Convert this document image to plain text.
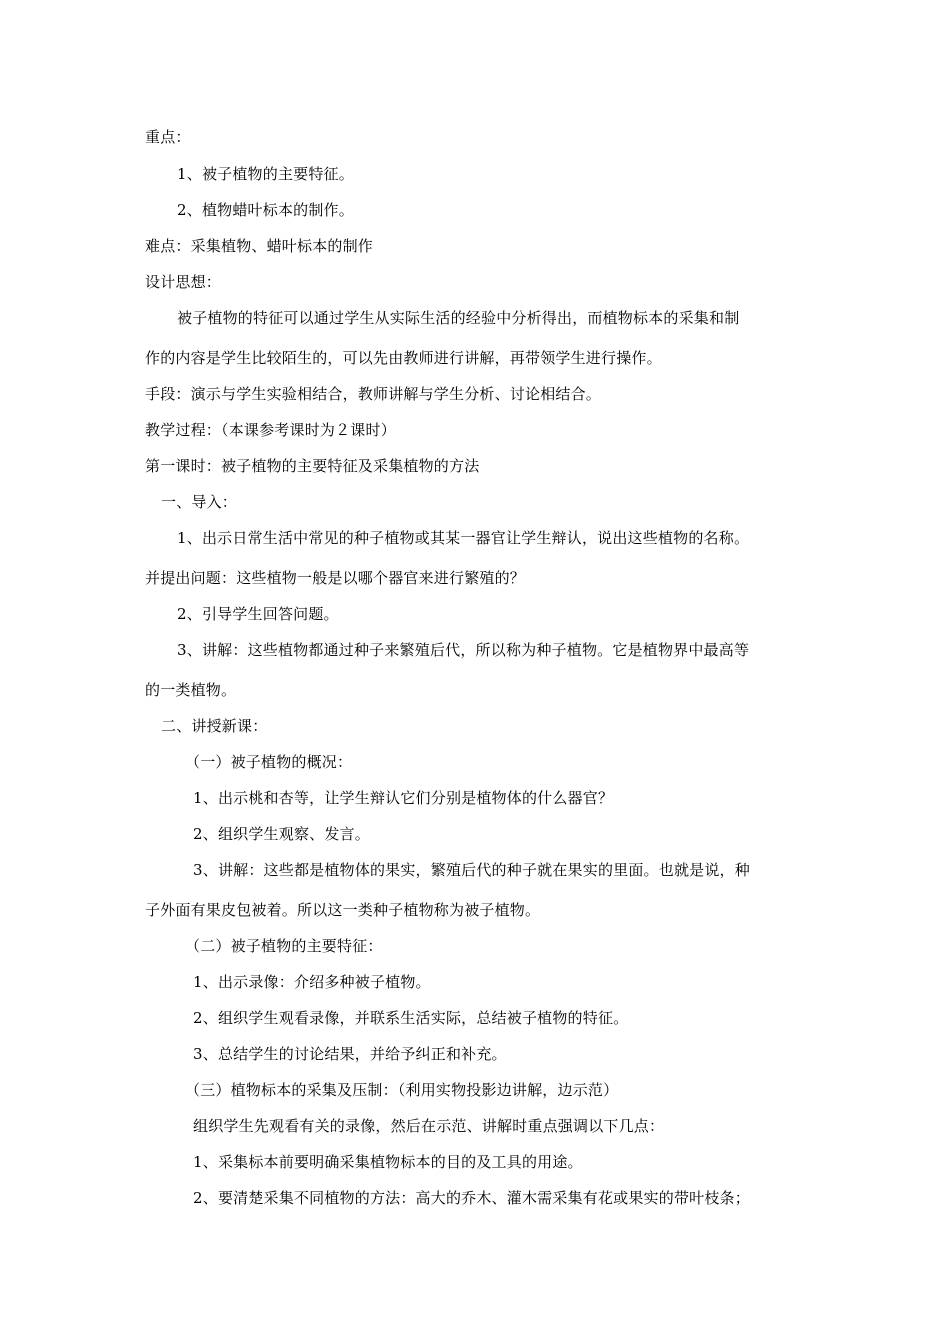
重点：
1、被子植物的主要特征。
2、植物蜡叶标本的制作。
难点：采集植物、蜡叶标本的制作
设计思想：
被子植物的特征可以通过学生从实际生活的经验中分析得出，而植物标本的采集和制
作的内容是学生比较陌生的，可以先由教师进行讲解，再带领学生进行操作。
手段：演示与学生实验相结合，教师讲解与学生分析、讨论相结合。
教学过程：（本课参考课时为２课时）
第一课时：被子植物的主要特征及采集植物的方法
一、导入：
1、出示日常生活中常见的种子植物或其某一器官让学生辩认，说出这些植物的名称。
并提出问题：这些植物一般是以哪个器官来进行繁殖的？
2、引导学生回答问题。
3、讲解：这些植物都通过种子来繁殖后代，所以称为种子植物。它是植物界中最高等
的一类植物。
二、讲授新课：
（一）被子植物的概况：
1、出示桃和杏等，让学生辩认它们分别是植物体的什么器官？
2、组织学生观察、发言。
3、讲解：这些都是植物体的果实，繁殖后代的种子就在果实的里面。也就是说，种
子外面有果皮包被着。所以这一类种子植物称为被子植物。
（二）被子植物的主要特征：
1、出示录像：介绍多种被子植物。
2、组织学生观看录像，并联系生活实际，总结被子植物的特征。
3、总结学生的讨论结果，并给予纠正和补充。
（三）植物标本的采集及压制：（利用实物投影边讲解，边示范）
组织学生先观看有关的录像，然后在示范、讲解时重点强调以下几点：
1、采集标本前要明确采集植物标本的目的及工具的用途。
2、要清楚采集不同植物的方法：高大的乔木、灌木需采集有花或果实的带叶枝条；
